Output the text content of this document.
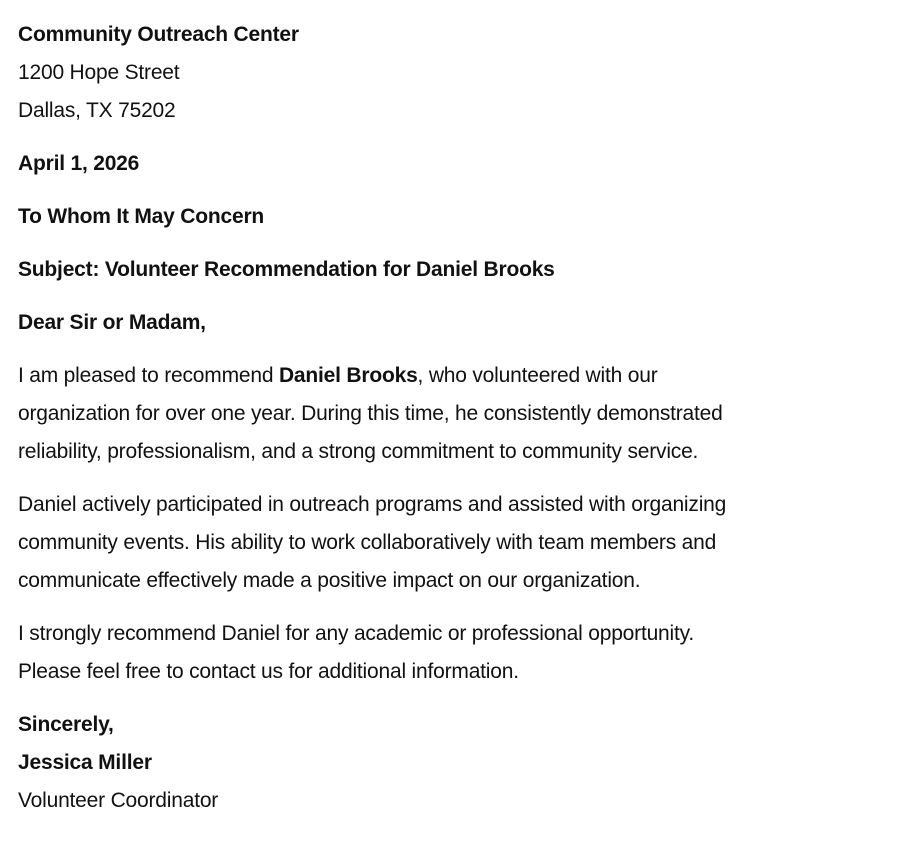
Community Outreach Center
1200 Hope Street
Dallas, TX 75202
April 1, 2026
To Whom It May Concern
Subject: Volunteer Recommendation for Daniel Brooks
Dear Sir or Madam,
I am pleased to recommend Daniel Brooks, who volunteered with our
organization for over one year. During this time, he consistently demonstrated
reliability, professionalism, and a strong commitment to community service.
Daniel actively participated in outreach programs and assisted with organizing
community events. His ability to work collaboratively with team members and
communicate effectively made a positive impact on our organization.
I strongly recommend Daniel for any academic or professional opportunity.
Please feel free to contact us for additional information.
Sincerely,
Jessica Miller
Volunteer Coordinator
